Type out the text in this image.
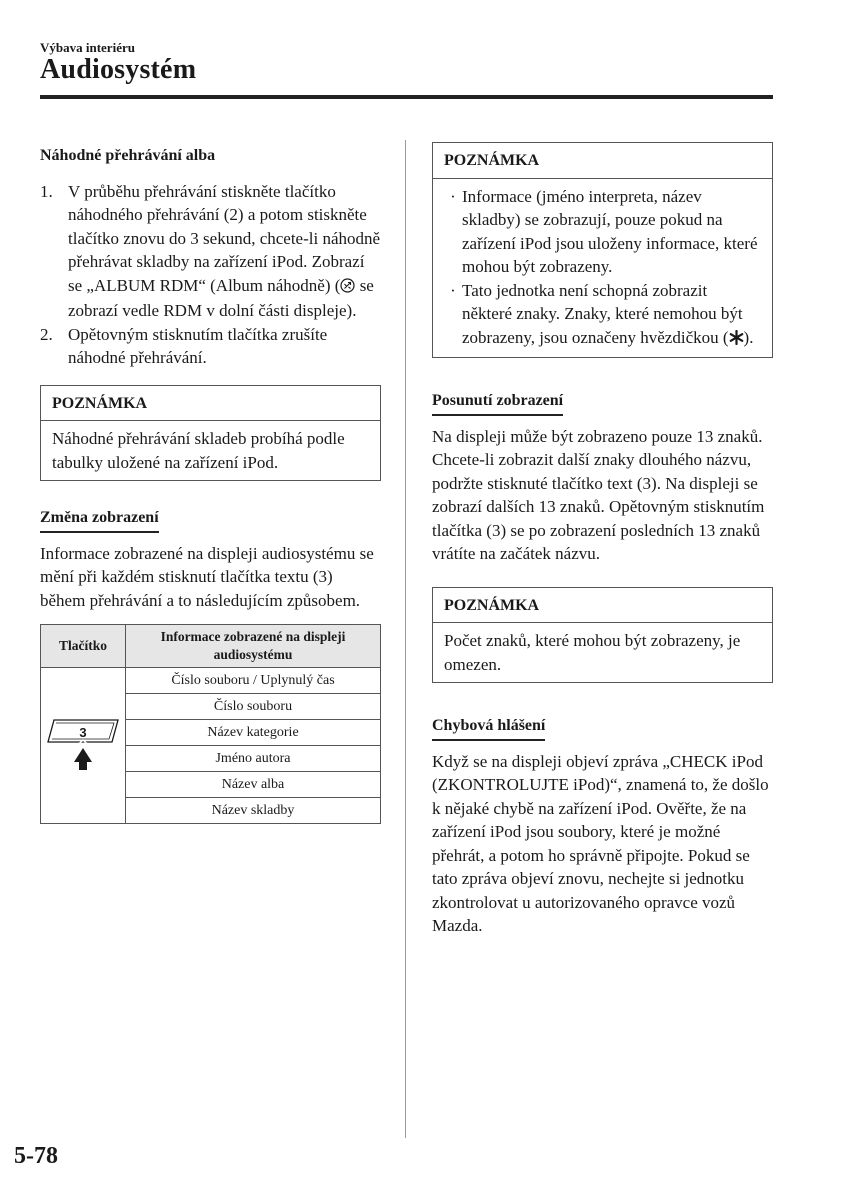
Výbava interiéru
Audiosystém
Náhodné přehrávání alba
1. V průběhu přehrávání stiskněte tlačítko náhodného přehrávání (2) a potom stiskněte tlačítko znovu do 3 sekund, chcete-li náhodně přehrávat skladby na zařízení iPod. Zobrazí se „ALBUM RDM“ (Album náhodně) ( se zobrazí vedle RDM v dolní části displeje).
2. Opětovným stisknutím tlačítka zrušíte náhodné přehrávání.
POZNÁMKA
Náhodné přehrávání skladeb probíhá podle tabulky uložené na zařízení iPod.
Změna zobrazení

Informace zobrazené na displeji audiosystému se mění při každém stisknutí tlačítka textu (3) během přehrávání a to následujícím způsobem.

Tlačítko	Informace zobrazené na displeji audiosystému

3	Číslo souboru / Uplynulý čas
	Číslo souboru
	Název kategorie
	Jméno autora
	Název alba
	Název skladby
POZNÁMKA
· Informace (jméno interpreta, název skladby) se zobrazují, pouze pokud na zařízení iPod jsou uloženy informace, které mohou být zobrazeny.
· Tato jednotka není schopná zobrazit některé znaky. Znaky, které nemohou být zobrazeny, jsou označeny hvězdičkou ( ).
Posunutí zobrazení

Na displeji může být zobrazeno pouze 13 znaků. Chcete-li zobrazit další znaky dlouhého názvu, podržte stisknuté tlačítko text (3). Na displeji se zobrazí dalších 13 znaků. Opětovným stisknutím tlačítka (3) se po zobrazení posledních 13 znaků vrátíte na začátek názvu.

POZNÁMKA
Počet znaků, které mohou být zobrazeny, je omezen.
Chybová hlášení

Když se na displeji objeví zpráva „CHECK iPod (ZKONTROLUJTE iPod)“, znamená to, že došlo k nějaké chybě na zařízení iPod. Ověřte, že na zařízení iPod jsou soubory, které je možné přehrát, a potom ho správně připojte. Pokud se tato zpráva objeví znovu, nechejte si jednotku zkontrolovat u autorizovaného opravce vozů Mazda.

5-78
